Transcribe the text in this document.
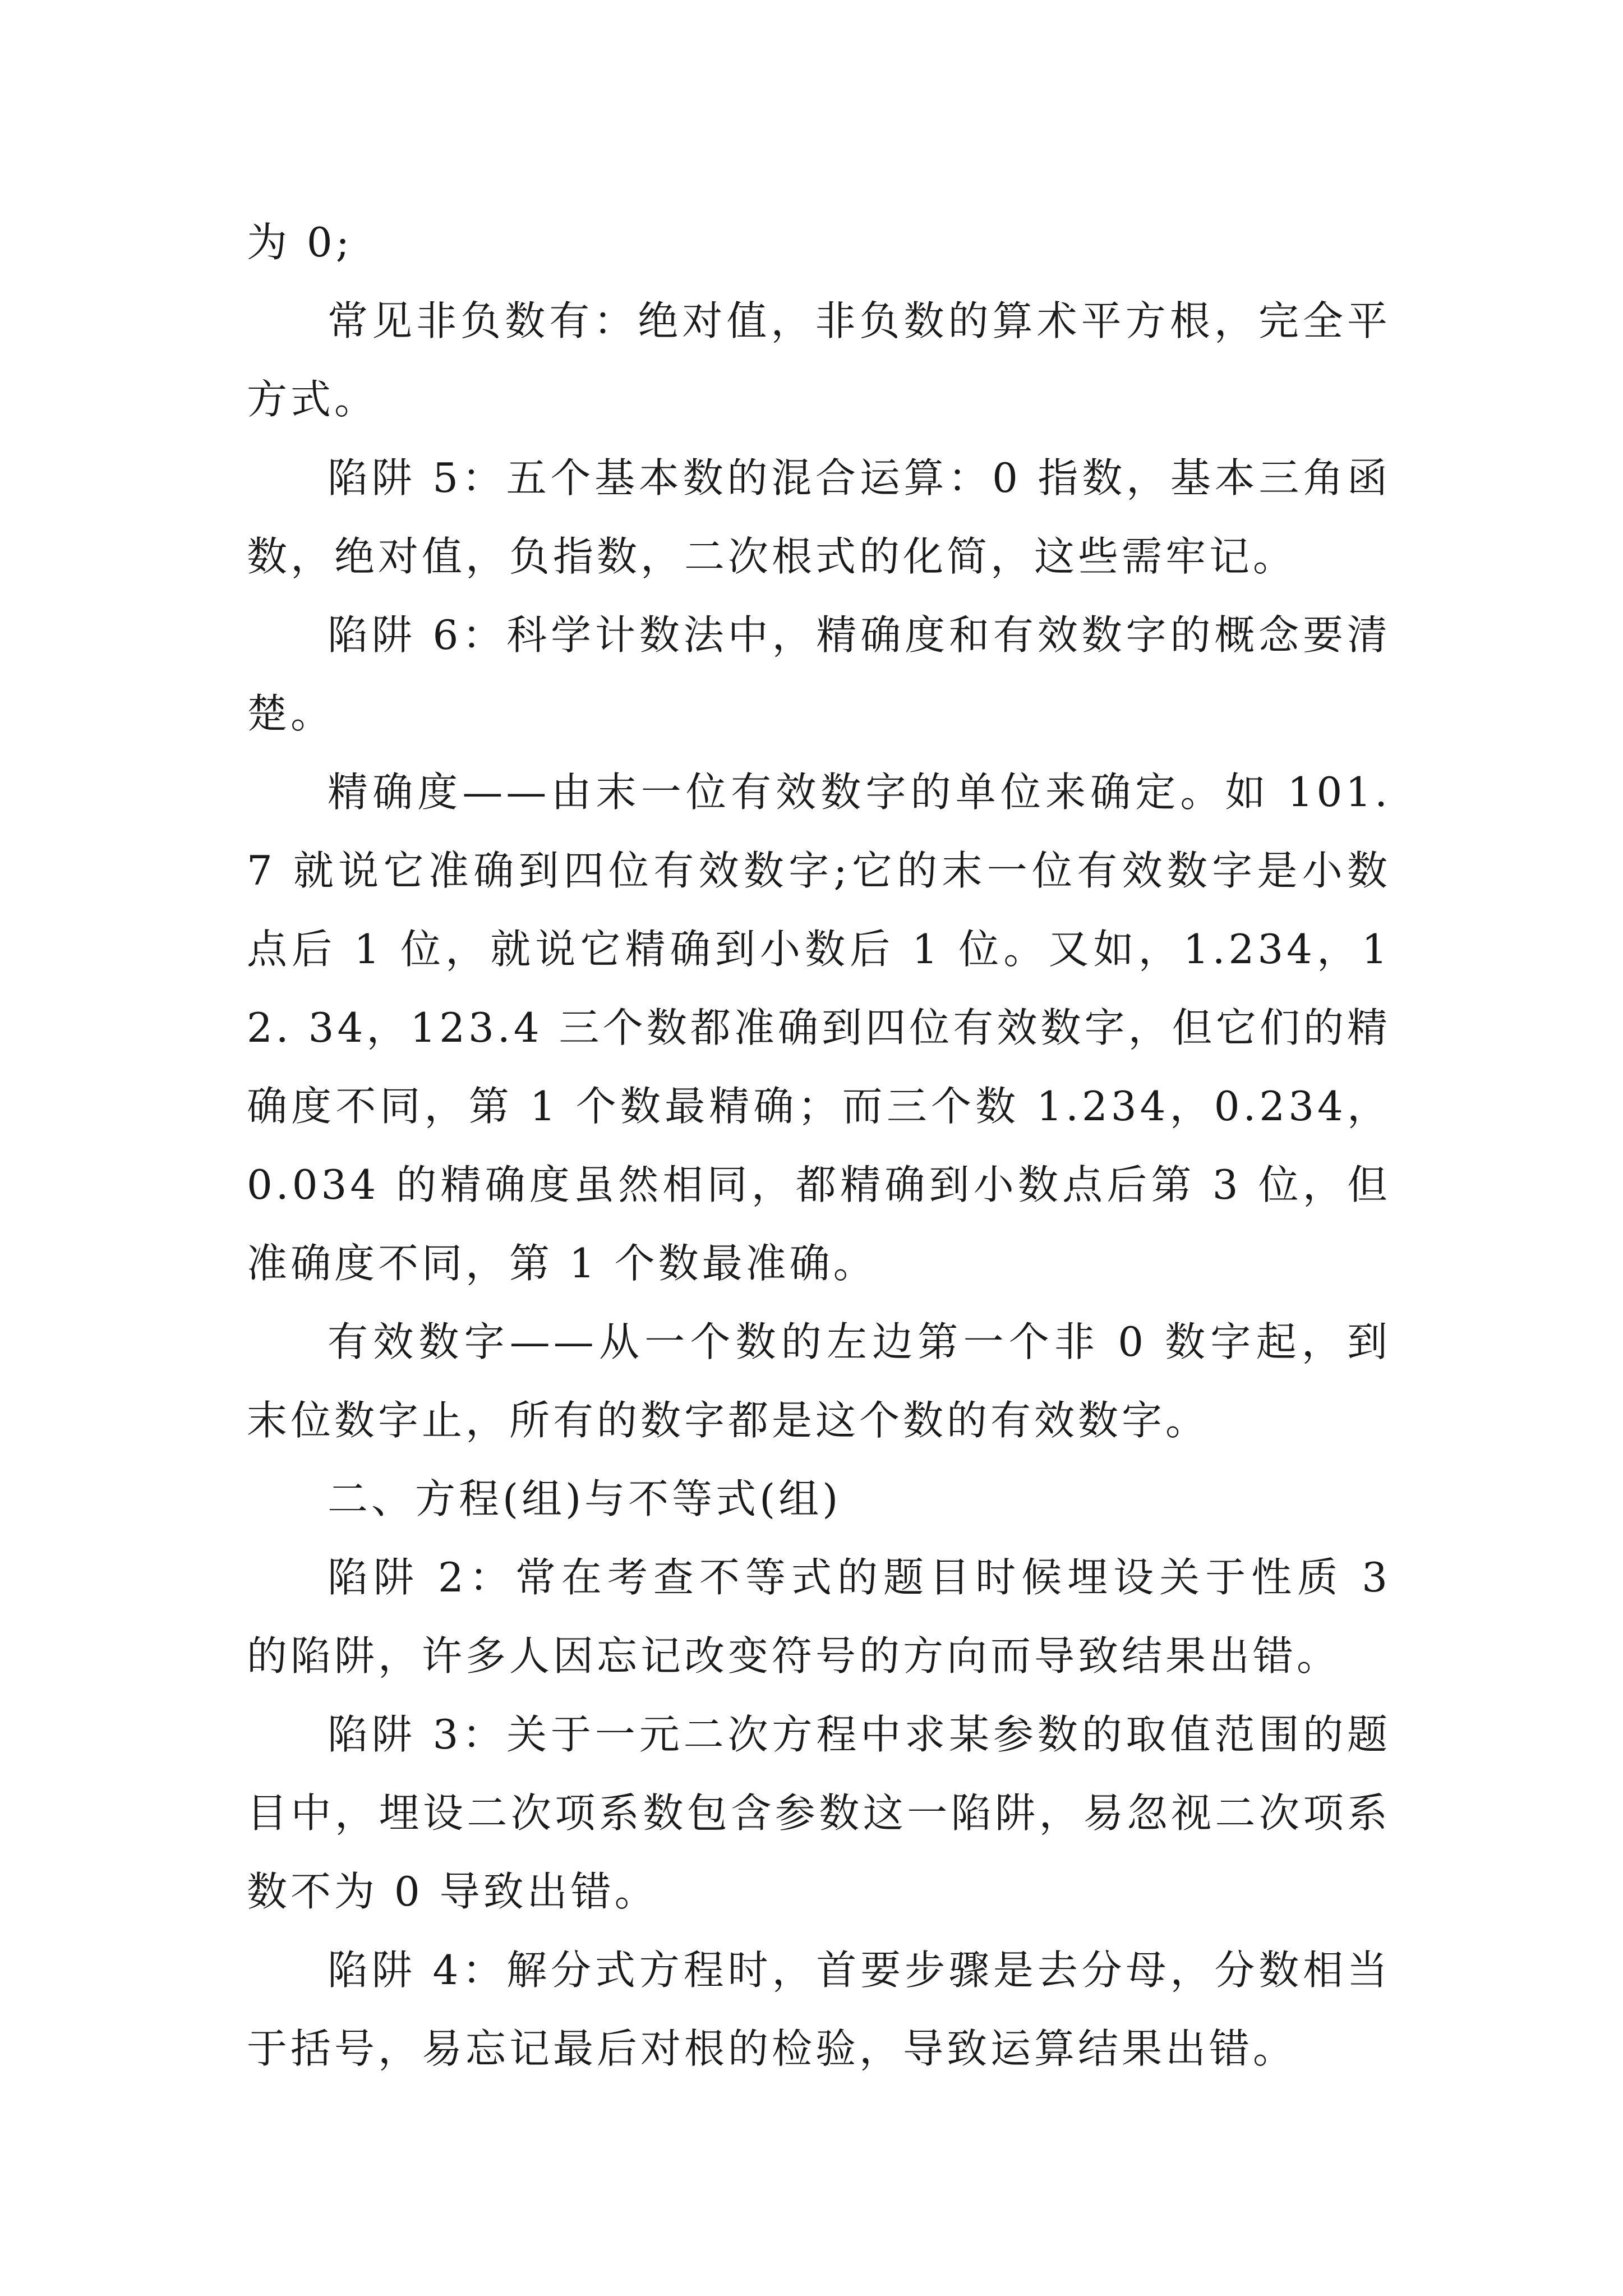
为 0;

常见非负数有：绝对值，非负数的算术平方根，完全平方式。

陷阱 5：五个基本数的混合运算：0 指数，基本三角函数，绝对值，负指数，二次根式的化简，这些需牢记。

陷阱 6：科学计数法中，精确度和有效数字的概念要清楚。

精确度——由末一位有效数字的单位来确定。如 101.7 就说它准确到四位有效数字;它的末一位有效数字是小数点后 1 位，就说它精确到小数后 1 位。又如，1.234，12. 34，123.4 三个数都准确到四位有效数字，但它们的精确度不同，第 1 个数最精确；而三个数 1.234，0.234，0.034 的精确度虽然相同，都精确到小数点后第 3 位，但准确度不同，第 1 个数最准确。

有效数字——从一个数的左边第一个非 0 数字起，到末位数字止，所有的数字都是这个数的有效数字。

二、方程(组)与不等式(组)

陷阱 2：常在考查不等式的题目时候埋设关于性质 3 的陷阱，许多人因忘记改变符号的方向而导致结果出错。

陷阱 3：关于一元二次方程中求某参数的取值范围的题目中，埋设二次项系数包含参数这一陷阱，易忽视二次项系数不为 0 导致出错。

陷阱 4：解分式方程时，首要步骤是去分母，分数相当于括号，易忘记最后对根的检验，导致运算结果出错。
